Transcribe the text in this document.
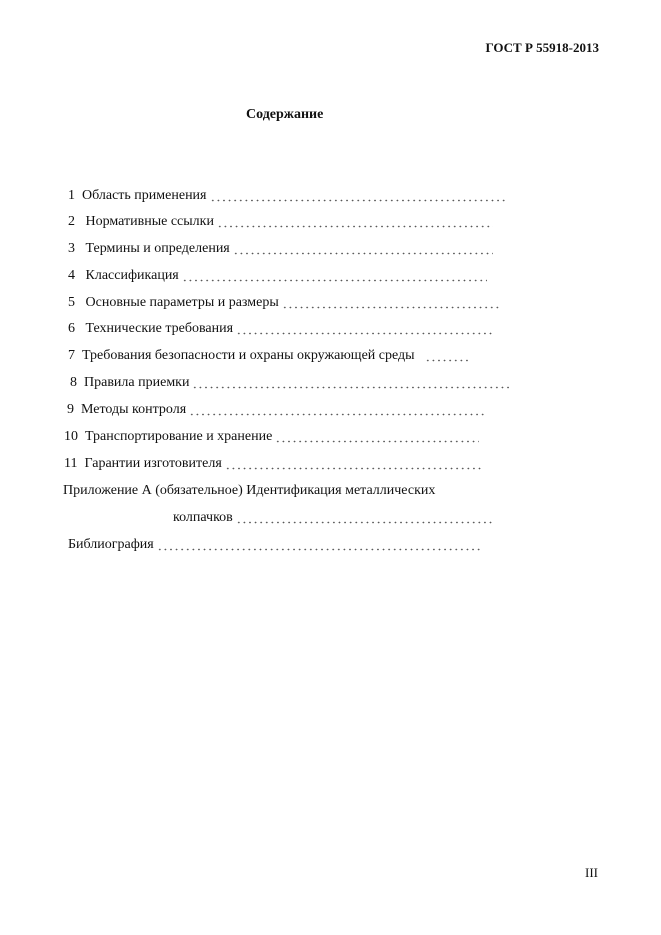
ГОСТ Р 55918-2013
Содержание
1  Область применения
2   Нормативные ссылки
3   Термины и определения
4   Классификация
5   Основные параметры и размеры
6   Технические требования
7  Требования безопасности и охраны окружающей среды
8  Правила приемки
9  Методы контроля
10  Транспортирование и хранение
11  Гарантии изготовителя
Приложение А (обязательное) Идентификация металлических
колпачков
Библиография
III
